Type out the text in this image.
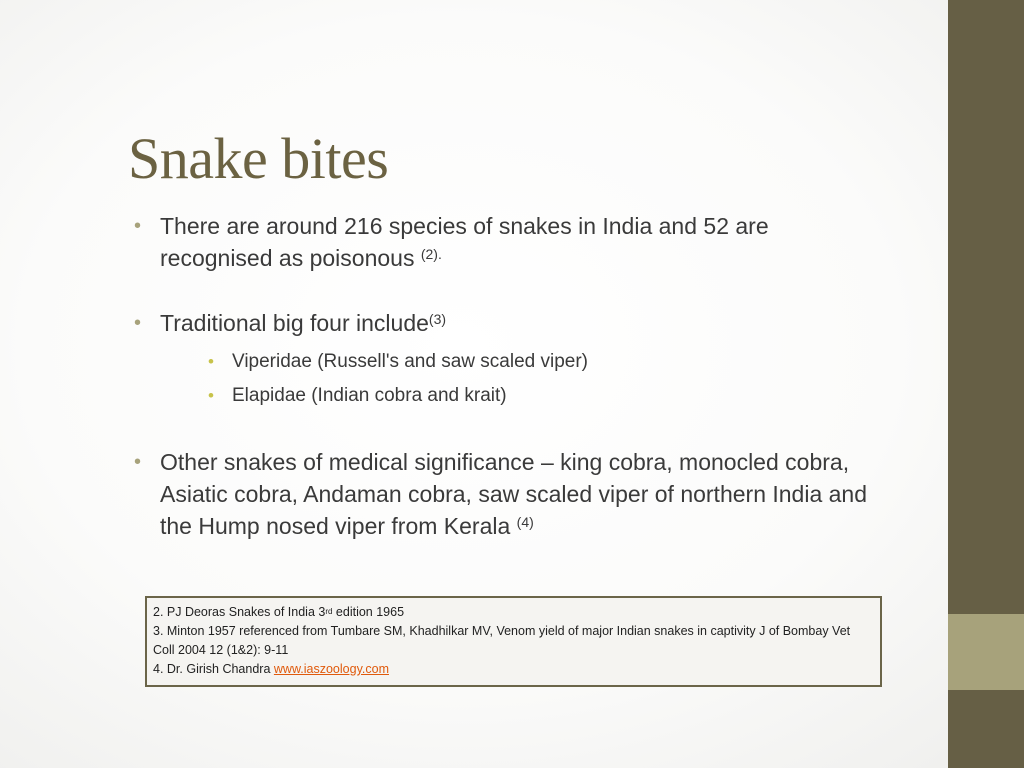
Snake bites
• There are around 216 species of snakes in India and 52 are recognised as poisonous $^{(2).}$
• Traditional big four include$^{(3)}$
• Viperidae (Russell's and saw scaled viper)
• Elapidae (Indian cobra and krait)
• Other snakes of medical significance – king cobra, monocled cobra, Asiatic cobra, Andaman cobra, saw scaled viper of northern India and the Hump nosed viper from Kerala $^{(4)}$
2. PJ Deoras Snakes of India 3rd edition 1965
3. Minton 1957 referenced from Tumbare SM, Khadhilkar MV, Venom yield of major Indian snakes in captivity J of Bombay Vet Coll 2004 12 (1&2): 9-11
4. Dr. Girish Chandra www.iaszoology.com
